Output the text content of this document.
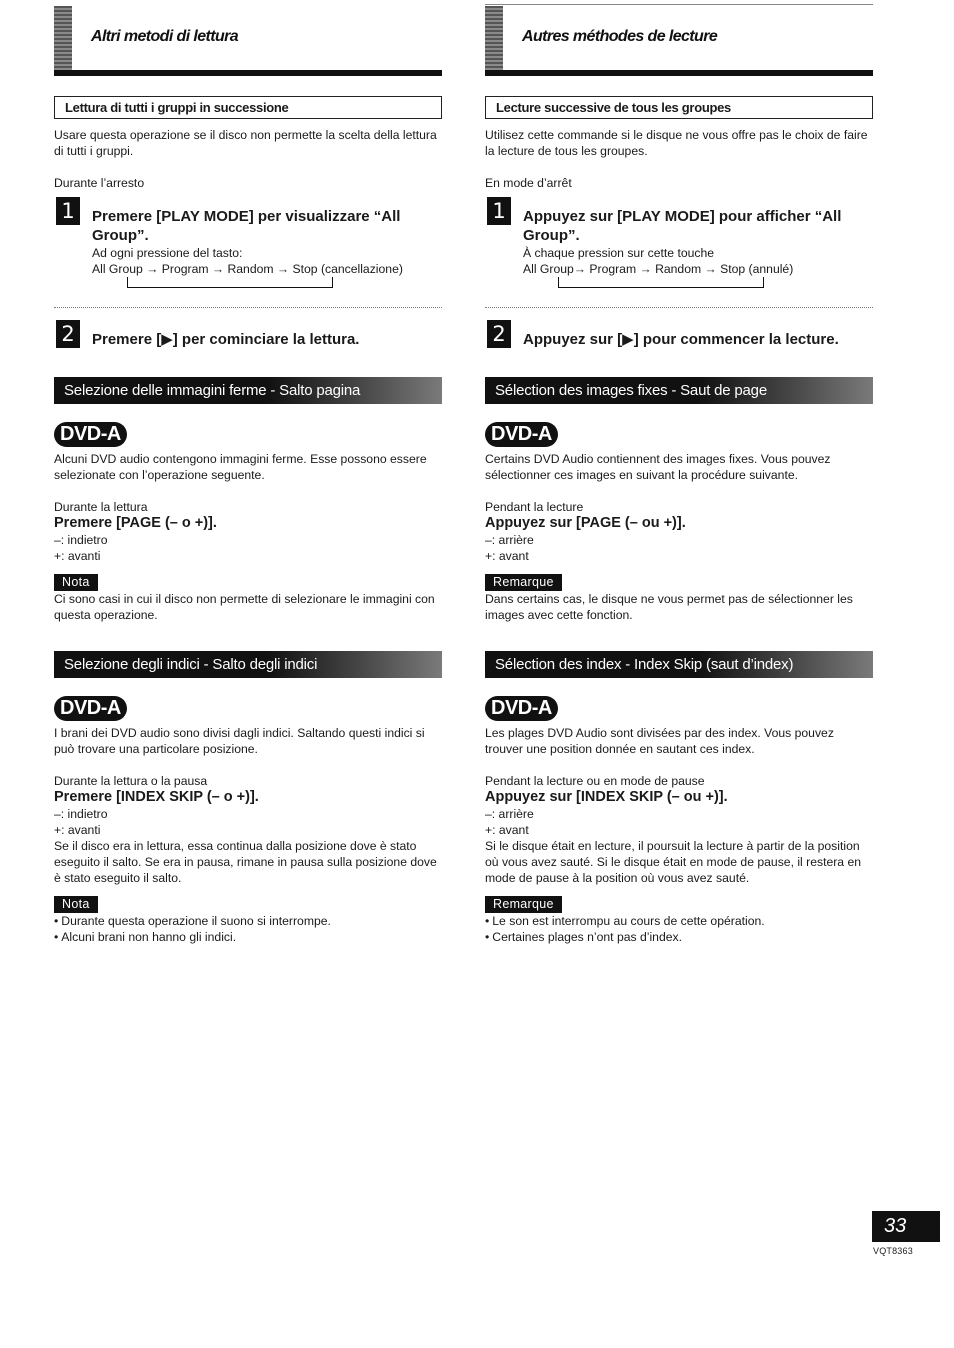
Altri metodi di lettura
Lettura di tutti i gruppi in successione

Usare questa operazione se il disco non permette la scelta della lettura di tutti i gruppi.

Durante l’arresto

1	Premere [PLAY MODE] per visualizzare “All Group”.
Ad ogni pressione del tasto:
All Group → Program → Random → Stop (cancellazione)
2	Premere [▶] per cominciare la lettura.
Selezione delle immagini ferme - Salto pagina
DVD-A

Alcuni DVD audio contengono immagini ferme. Esse possono essere selezionate con l’operazione seguente.

Durante la lettura

Premere [PAGE (– o +)].

–: indietro

+: avanti

Nota

Ci sono casi in cui il disco non permette di selezionare le immagini con questa operazione.

Selezione degli indici - Salto degli indici
DVD-A

I brani dei DVD audio sono divisi dagli indici. Saltando questi indici si può trovare una particolare posizione.

Durante la lettura o la pausa

Premere [INDEX SKIP (– o +)].

–: indietro

+: avanti

Se il disco era in lettura, essa continua dalla posizione dove è stato eseguito il salto. Se era in pausa, rimane in pausa sulla posizione dove è stato eseguito il salto.

Nota

• Durante questa operazione il suono si interrompe.

• Alcuni brani non hanno gli indici.

Autres méthodes de lecture
Lecture successive de tous les groupes

Utilisez cette commande si le disque ne vous offre pas le choix de faire la lecture de tous les groupes.

En mode d’arrêt

1	Appuyez sur [PLAY MODE] pour afficher “All Group”.
À chaque pression sur cette touche
All Group→ Program → Random → Stop (annulé)
2	Appuyez sur [▶] pour commencer la lecture.
Sélection des images fixes - Saut de page
DVD-A

Certains DVD Audio contiennent des images fixes. Vous pouvez sélectionner ces images en suivant la procédure suivante.

Pendant la lecture

Appuyez sur [PAGE (– ou +)].

–: arrière

+: avant

Remarque

Dans certains cas, le disque ne vous permet pas de sélectionner les images avec cette fonction.

Sélection des index - Index Skip (saut d’index)
DVD-A

Les plages DVD Audio sont divisées par des index. Vous pouvez trouver une position donnée en sautant ces index.

Pendant la lecture ou en mode de pause

Appuyez sur [INDEX SKIP (– ou +)].

–: arrière

+: avant

Si le disque était en lecture, il poursuit la lecture à partir de la position où vous avez sauté. Si le disque était en mode de pause, il restera en mode de pause à la position où vous avez sauté.

Remarque

• Le son est interrompu au cours de cette opération.

• Certaines plages n’ont pas d’index.

33
VQT8363
